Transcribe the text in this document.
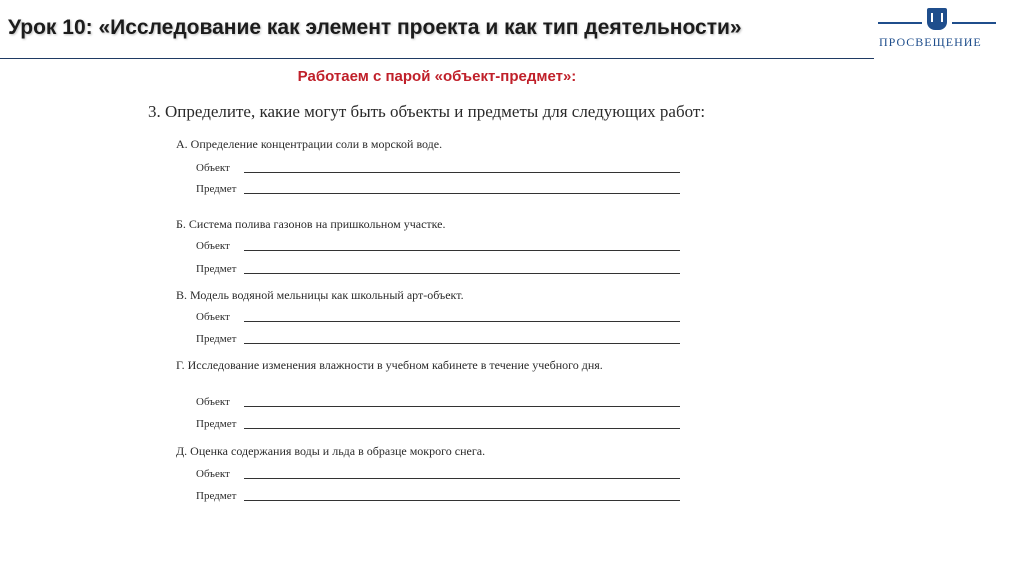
Урок 10: «Исследование как элемент проекта и как тип деятельности»
ПРОСВЕЩЕНИЕ
Работаем с парой «объект-предмет»:
3. Определите, какие могут быть объекты и предметы для следующих работ:
А. Определение концентрации соли в морской воде.
Объект
Предмет
Б. Система полива газонов на пришкольном участке.
Объект
Предмет
В. Модель водяной мельницы как школьный арт-объект.
Объект
Предмет
Г. Исследование изменения влажности в учебном кабинете в течение учебного дня.
Объект
Предмет
Д. Оценка содержания воды и льда в образце мокрого снега.
Объект
Предмет
